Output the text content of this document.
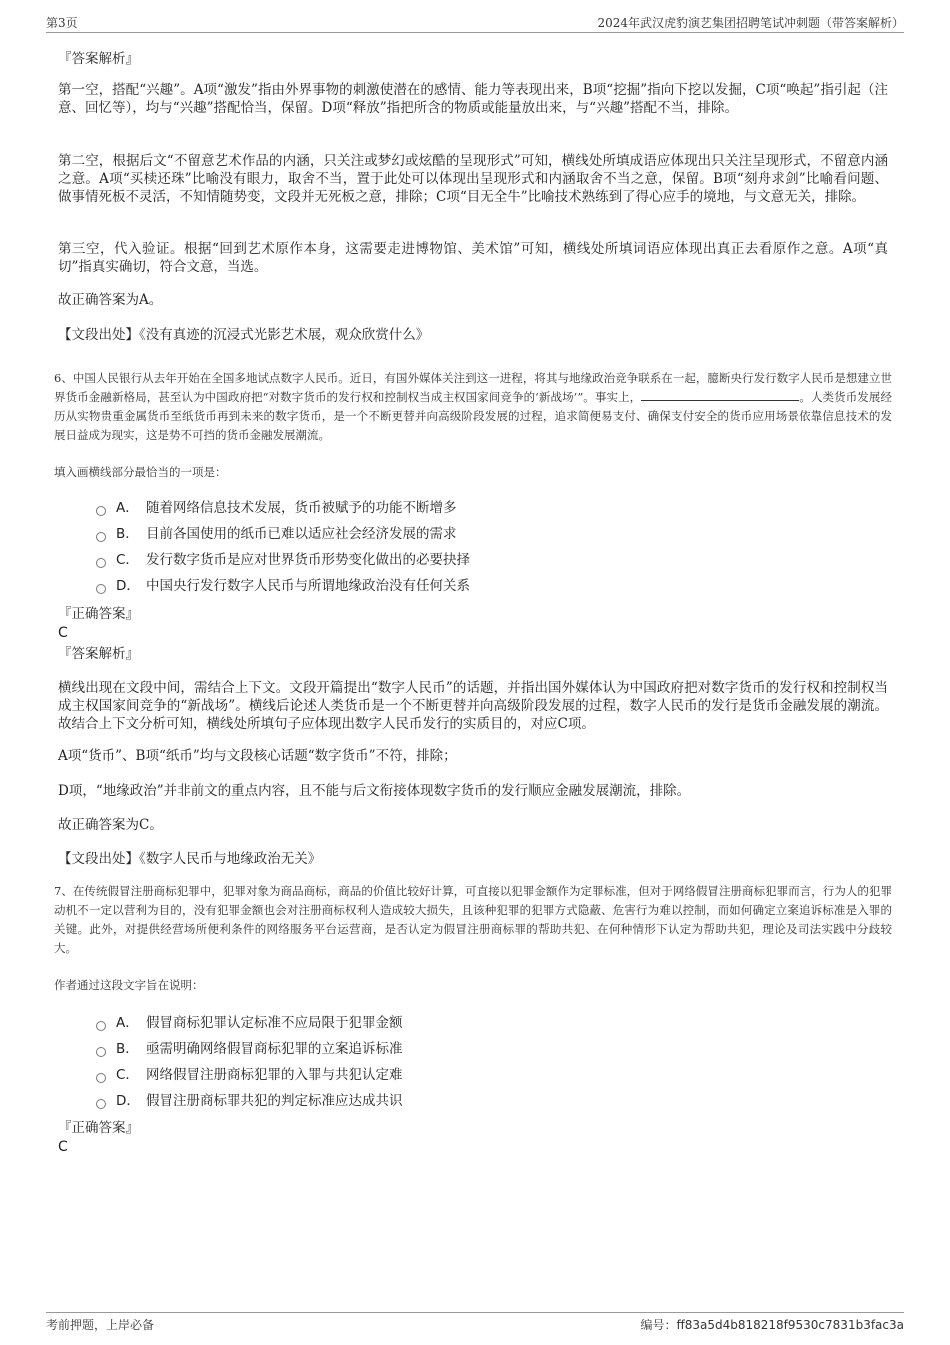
第3页	2024年武汉虎豹演艺集团招聘笔试冲刺题（带答案解析）
『答案解析』

第一空，搭配“兴趣”。A项“激发”指由外界事物的刺激使潜在的感情、能力等表现出来，B项“挖掘”指向下挖以发掘，C项“唤起”指引起（注意、回忆等），均与“兴趣”搭配恰当，保留。D项“释放”指把所含的物质或能量放出来，与“兴趣”搭配不当，排除。

第二空，根据后文“不留意艺术作品的内涵，只关注或梦幻或炫酷的呈现形式”可知，横线处所填成语应体现出只关注呈现形式，不留意内涵之意。A项“买椟还珠”比喻没有眼力，取舍不当，置于此处可以体现出呈现形式和内涵取舍不当之意，保留。B项“刻舟求剑”比喻看问题、做事情死板不灵活，不知情随势变，文段并无死板之意，排除；C项“目无全牛”比喻技术熟练到了得心应手的境地，与文意无关，排除。

第三空，代入验证。根据“回到艺术原作本身，这需要走进博物馆、美术馆”可知，横线处所填词语应体现出真正去看原作之意。A项“真切”指真实确切，符合文意，当选。

故正确答案为A。

【文段出处】《没有真迹的沉浸式光影艺术展，观众欣赏什么》

6、中国人民银行从去年开始在全国多地试点数字人民币。近日，有国外媒体关注到这一进程，将其与地缘政治竞争联系在一起，臆断央行发行数字人民币是想建立世界货币金融新格局，甚至认为中国政府把“对数字货币的发行权和控制权当成主权国家间竞争的‘新战场’”。事实上，	。人类货币发展经历从实物贵重金属货币至纸货币再到未来的数字货币，是一个不断更替并向高级阶段发展的过程，追求简便易支付、确保支付安全的货币应用场景依靠信息技术的发展日益成为现实，这是势不可挡的货币金融发展潮流。

填入画横线部分最恰当的一项是：

A． 随着网络信息技术发展，货币被赋予的功能不断增多
B． 目前各国使用的纸币已难以适应社会经济发展的需求
C． 发行数字货币是应对世界货币形势变化做出的必要抉择
D． 中国央行发行数字人民币与所谓地缘政治没有任何关系
『正确答案』
C
『答案解析』

横线出现在文段中间，需结合上下文。文段开篇提出“数字人民币”的话题，并指出国外媒体认为中国政府把对数字货币的发行权和控制权当成主权国家间竞争的“新战场”。横线后论述人类货币是一个不断更替并向高级阶段发展的过程，数字人民币的发行是货币金融发展的潮流。故结合上下文分析可知，横线处所填句子应体现出数字人民币发行的实质目的，对应C项。

A项“货币”、B项“纸币”均与文段核心话题“数字货币”不符，排除；

D项，“地缘政治”并非前文的重点内容，且不能与后文衔接体现数字货币的发行顺应金融发展潮流，排除。

故正确答案为C。

【文段出处】《数字人民币与地缘政治无关》

7、在传统假冒注册商标犯罪中，犯罪对象为商品商标，商品的价值比较好计算，可直接以犯罪金额作为定罪标准，但对于网络假冒注册商标犯罪而言，行为人的犯罪动机不一定以营利为目的，没有犯罪金额也会对注册商标权利人造成较大损失，且该种犯罪的犯罪方式隐蔽、危害行为难以控制，而如何确定立案追诉标准是入罪的关键。此外，对提供经营场所便利条件的网络服务平台运营商，是否认定为假冒注册商标罪的帮助共犯、在何种情形下认定为帮助共犯，理论及司法实践中分歧较大。

作者通过这段文字旨在说明：

A． 假冒商标犯罪认定标准不应局限于犯罪金额
B． 亟需明确网络假冒商标犯罪的立案追诉标准
C． 网络假冒注册商标犯罪的入罪与共犯认定难
D． 假冒注册商标罪共犯的判定标准应达成共识
『正确答案』
C
考前押题，上岸必备	编号：ff83a5d4b818218f9530c7831b3fac3a
